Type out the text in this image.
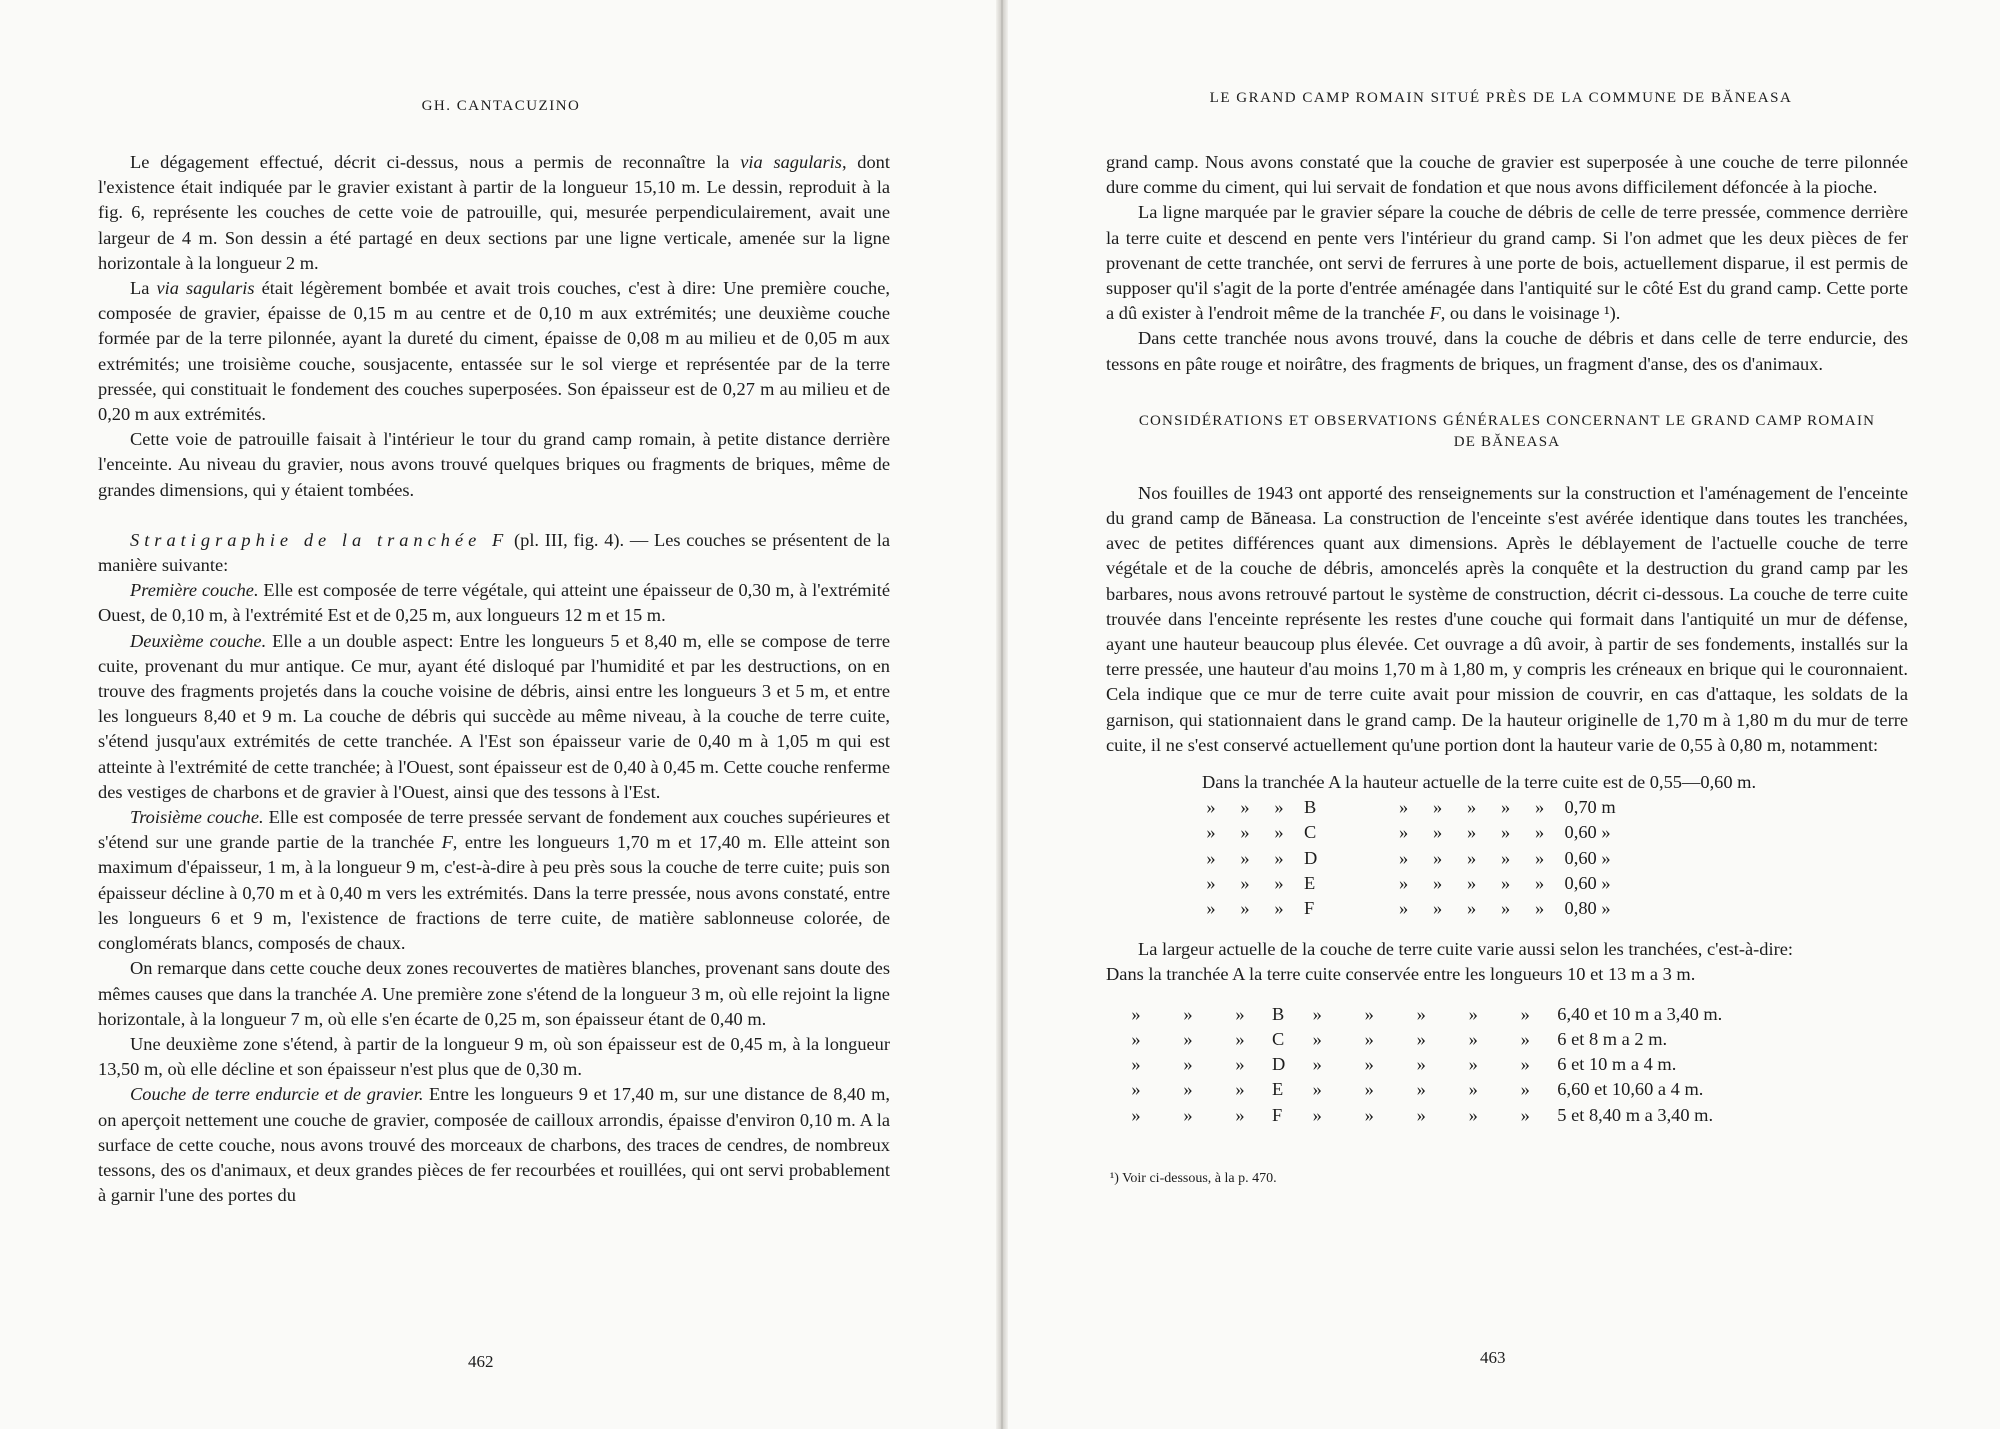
GH. CANTACUZINO

Le dégagement effectué, décrit ci-dessus, nous a permis de reconnaître la via sagularis, dont l'existence était indiquée par le gravier existant à partir de la longueur 15,10 m. Le dessin, reproduit à la fig. 6, représente les couches de cette voie de patrouille, qui, mesurée perpendiculairement, avait une largeur de 4 m. Son dessin a été partagé en deux sections par une ligne verticale, amenée sur la ligne horizontale à la longueur 2 m.

La via sagularis était légèrement bombée et avait trois couches, c'est à dire: Une première couche, composée de gravier, épaisse de 0,15 m au centre et de 0,10 m aux extrémités; une deuxième couche formée par de la terre pilonnée, ayant la dureté du ciment, épaisse de 0,08 m au milieu et de 0,05 m aux extrémités; une troisième couche, sousjacente, entassée sur le sol vierge et représentée par de la terre pressée, qui constituait le fondement des couches superposées. Son épaisseur est de 0,27 m au milieu et de 0,20 m aux extrémités.

Cette voie de patrouille faisait à l'intérieur le tour du grand camp romain, à petite distance derrière l'enceinte. Au niveau du gravier, nous avons trouvé quelques briques ou fragments de briques, même de grandes dimensions, qui y étaient tombées.

Stratigraphie de la tranchée F (pl. III, fig. 4). — Les couches se présentent de la manière suivante:

Première couche. Elle est composée de terre végétale, qui atteint une épaisseur de 0,30 m, à l'extrémité Ouest, de 0,10 m, à l'extrémité Est et de 0,25 m, aux longueurs 12 m et 15 m.

Deuxième couche. Elle a un double aspect: Entre les longueurs 5 et 8,40 m, elle se compose de terre cuite, provenant du mur antique. Ce mur, ayant été disloqué par l'humidité et par les destructions, on en trouve des fragments projetés dans la couche voisine de débris, ainsi entre les longueurs 3 et 5 m, et entre les longueurs 8,40 et 9 m. La couche de débris qui succède au même niveau, à la couche de terre cuite, s'étend jusqu'aux extrémités de cette tranchée. A l'Est son épaisseur varie de 0,40 m à 1,05 m qui est atteinte à l'extrémité de cette tranchée; à l'Ouest, sont épaisseur est de 0,40 à 0,45 m. Cette couche renferme des vestiges de charbons et de gravier à l'Ouest, ainsi que des tessons à l'Est.

Troisième couche. Elle est composée de terre pressée servant de fondement aux couches supérieures et s'étend sur une grande partie de la tranchée F, entre les longueurs 1,70 m et 17,40 m. Elle atteint son maximum d'épaisseur, 1 m, à la longueur 9 m, c'est-à-dire à peu près sous la couche de terre cuite; puis son épaisseur décline à 0,70 m et à 0,40 m vers les extrémités. Dans la terre pressée, nous avons constaté, entre les longueurs 6 et 9 m, l'existence de fractions de terre cuite, de matière sablonneuse colorée, de conglomérats blancs, composés de chaux.

On remarque dans cette couche deux zones recouvertes de matières blanches, provenant sans doute des mêmes causes que dans la tranchée A. Une première zone s'étend de la longueur 3 m, où elle rejoint la ligne horizontale, à la longueur 7 m, où elle s'en écarte de 0,25 m, son épaisseur étant de 0,40 m.

Une deuxième zone s'étend, à partir de la longueur 9 m, où son épaisseur est de 0,45 m, à la longueur 13,50 m, où elle décline et son épaisseur n'est plus que de 0,30 m.

Couche de terre endurcie et de gravier. Entre les longueurs 9 et 17,40 m, sur une distance de 8,40 m, on aperçoit nettement une couche de gravier, composée de cailloux arrondis, épaisse d'environ 0,10 m. A la surface de cette couche, nous avons trouvé des morceaux de charbons, des traces de cendres, de nombreux tessons, des os d'animaux, et deux grandes pièces de fer recourbées et rouillées, qui ont servi probablement à garnir l'une des portes du

462
LE GRAND CAMP ROMAIN SITUÉ PRÈS DE LA COMMUNE DE BĂNEASA

grand camp. Nous avons constaté que la couche de gravier est superposée à une couche de terre pilonnée dure comme du ciment, qui lui servait de fondation et que nous avons difficilement défoncée à la pioche.

La ligne marquée par le gravier sépare la couche de débris de celle de terre pressée, commence derrière la terre cuite et descend en pente vers l'intérieur du grand camp. Si l'on admet que les deux pièces de fer provenant de cette tranchée, ont servi de ferrures à une porte de bois, actuellement disparue, il est permis de supposer qu'il s'agit de la porte d'entrée aménagée dans l'antiquité sur le côté Est du grand camp. Cette porte a dû exister à l'endroit même de la tranchée F, ou dans le voisinage ¹).

Dans cette tranchée nous avons trouvé, dans la couche de débris et dans celle de terre endurcie, des tessons en pâte rouge et noirâtre, des fragments de briques, un fragment d'anse, des os d'animaux.

CONSIDÉRATIONS ET OBSERVATIONS GÉNÉRALES CONCERNANT LE GRAND CAMP ROMAIN
DE BĂNEASA

Nos fouilles de 1943 ont apporté des renseignements sur la construction et l'aménagement de l'enceinte du grand camp de Băneasa. La construction de l'enceinte s'est avérée identique dans toutes les tranchées, avec de petites différences quant aux dimensions. Après le déblayement de l'actuelle couche de terre végétale et de la couche de débris, amoncelés après la conquête et la destruction du grand camp par les barbares, nous avons retrouvé partout le système de construction, décrit ci-dessous. La couche de terre cuite trouvée dans l'enceinte représente les restes d'une couche qui formait dans l'antiquité un mur de défense, ayant une hauteur beaucoup plus élevée. Cet ouvrage a dû avoir, à partir de ses fondements, installés sur la terre pressée, une hauteur d'au moins 1,70 m à 1,80 m, y compris les créneaux en brique qui le couronnaient. Cela indique que ce mur de terre cuite avait pour mission de couvrir, en cas d'attaque, les soldats de la garnison, qui stationnaient dans le grand camp. De la hauteur originelle de 1,70 m à 1,80 m du mur de terre cuite, il ne s'est conservé actuellement qu'une portion dont la hauteur varie de 0,55 à 0,80 m, notamment:

Dans la tranchée A la hauteur actuelle de la terre cuite est de 0,55—0,60 m.									
»	»	»	B	»	»	»	»	»	0,70 m
»	»	»	C	»	»	»	»	»	0,60 »
»	»	»	D	»	»	»	»	»	0,60 »
»	»	»	E	»	»	»	»	»	0,60 »
»	»	»	F	»	»	»	»	»	0,80 »

La largeur actuelle de la couche de terre cuite varie aussi selon les tranchées, c'est-à-dire:

Dans la tranchée A la terre cuite conservée entre les longueurs 10 et 13 m a 3 m.

»	»	»	B	»	»	»	»	»	6,40 et 10 m a 3,40 m.
»	»	»	C	»	»	»	»	»	6 et 8 m a 2 m.
»	»	»	D	»	»	»	»	»	6 et 10 m a 4 m.
»	»	»	E	»	»	»	»	»	6,60 et 10,60 a 4 m.
»	»	»	F	»	»	»	»	»	5 et 8,40 m a 3,40 m.
¹) Voir ci-dessous, à la p. 470.
463
